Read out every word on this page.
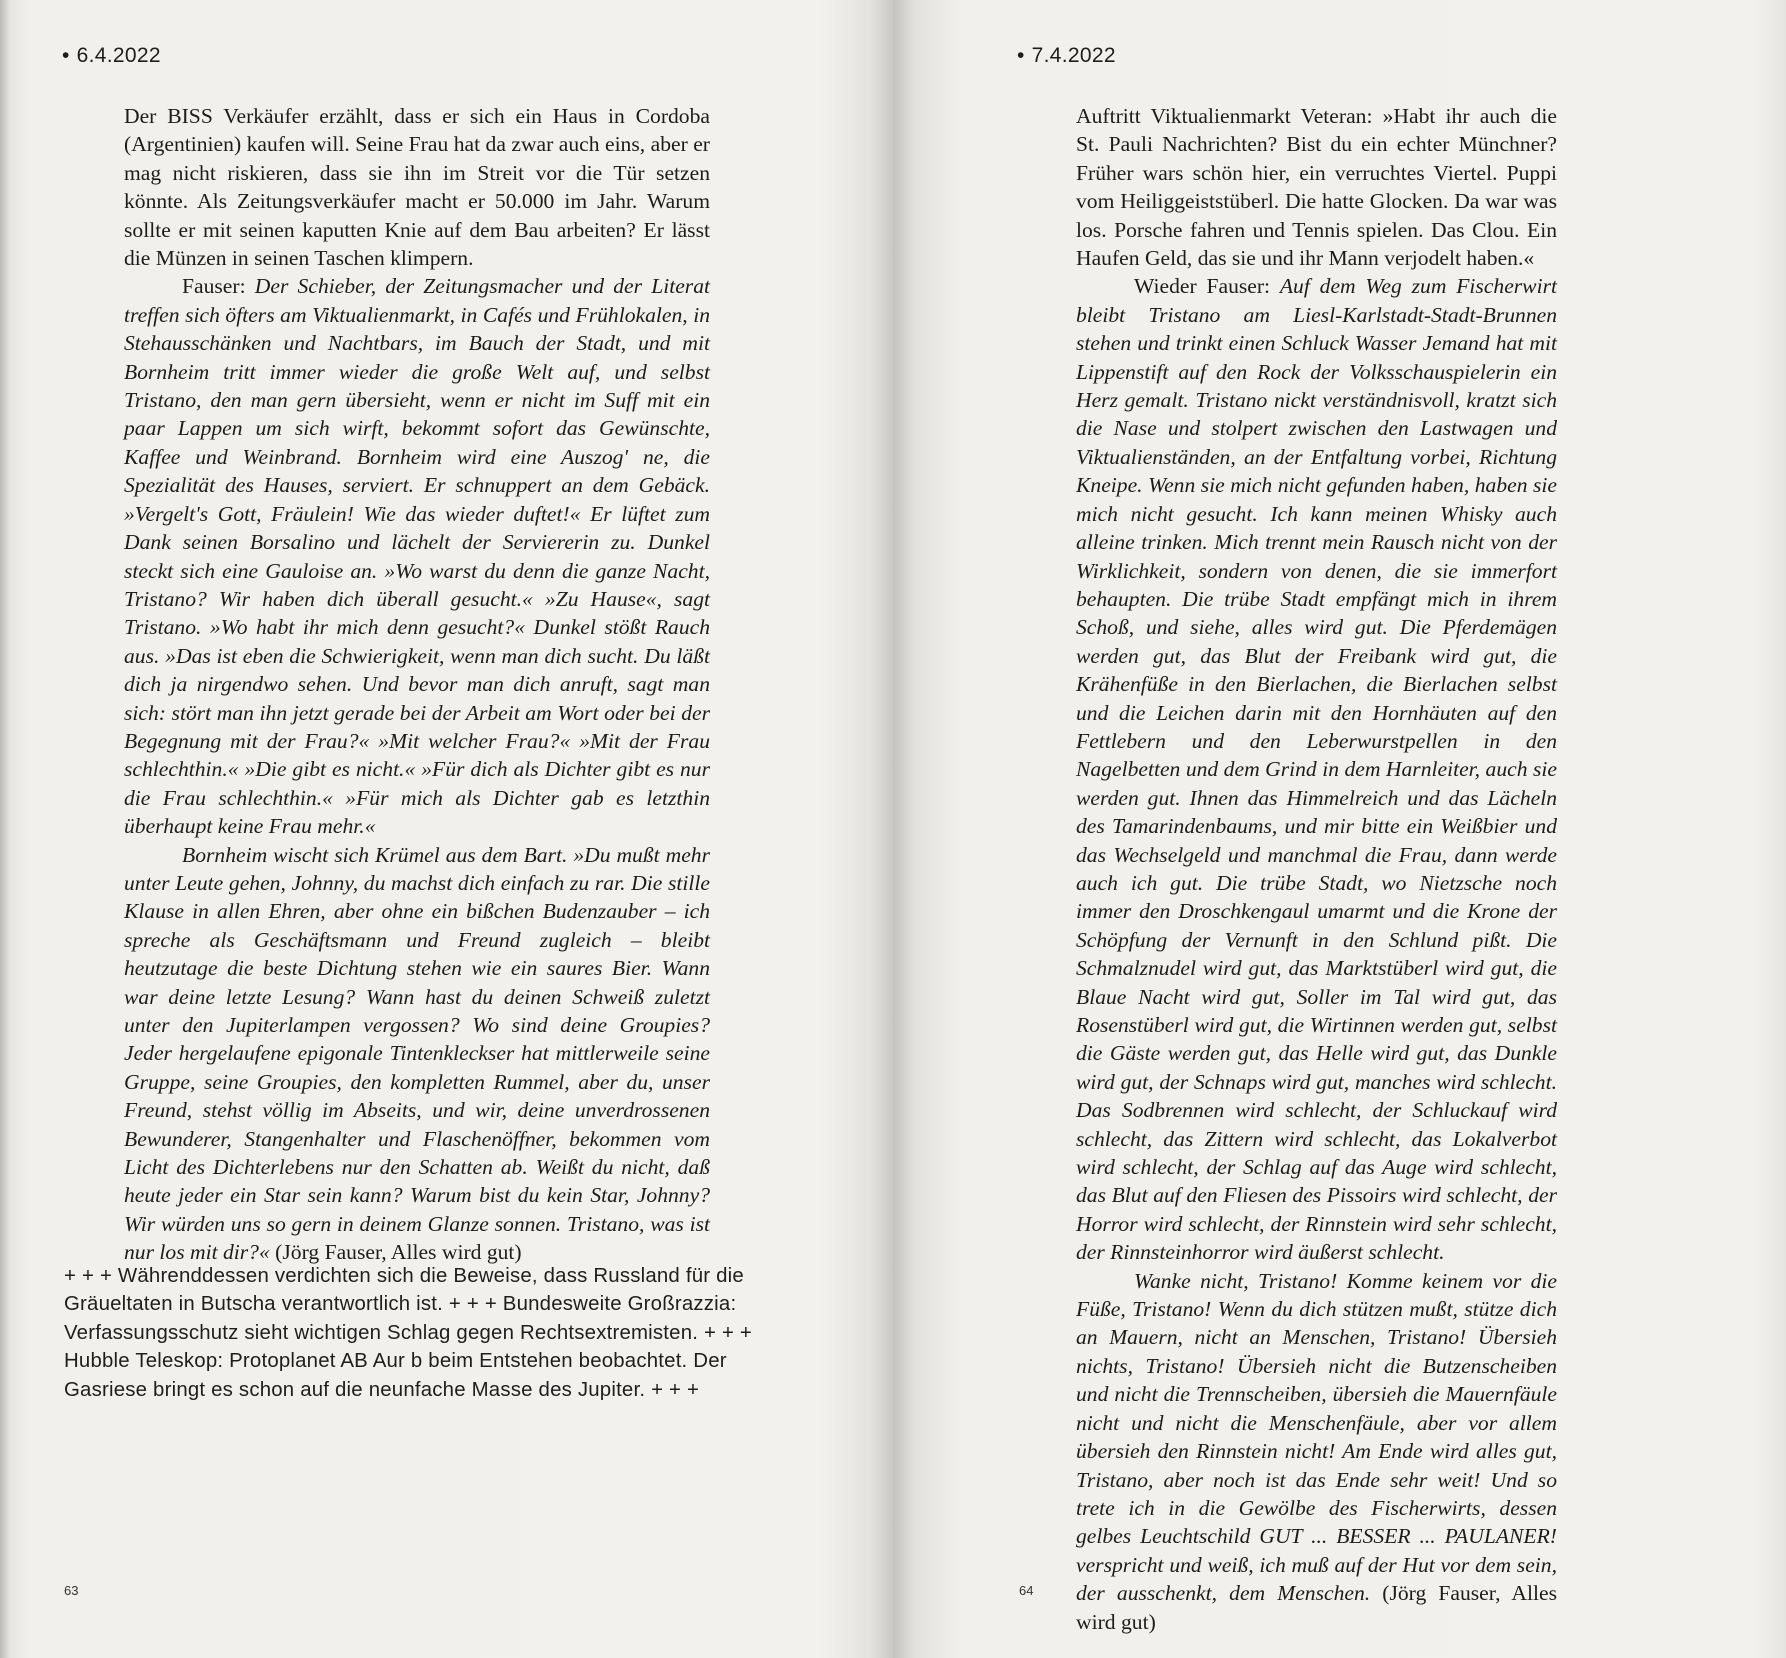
• 6.4.2022

Der BISS Verkäufer erzählt, dass er sich ein Haus in Cordoba (Argentinien) kaufen will. Seine Frau hat da zwar auch eins, aber er mag nicht riskieren, dass sie ihn im Streit vor die Tür setzen könnte. Als Zeitungsverkäufer macht er 50.000 im Jahr. Warum sollte er mit seinen kaputten Knie auf dem Bau arbeiten? Er lässt die Münzen in seinen Taschen klimpern.

Fauser: Der Schieber, der Zeitungsmacher und der Literat treffen sich öfters am Viktualienmarkt, in Cafés und Frühlokalen, in Stehausschänken und Nachtbars, im Bauch der Stadt, und mit Bornheim tritt immer wieder die große Welt auf, und selbst Tristano, den man gern übersieht, wenn er nicht im Suff mit ein paar Lappen um sich wirft, bekommt sofort das Gewünschte, Kaffee und Weinbrand. Bornheim wird eine Auszog' ne, die Spezialität des Hauses, serviert. Er schnuppert an dem Gebäck. »Vergelt's Gott, Fräulein! Wie das wieder duftet!« Er lüftet zum Dank seinen Borsalino und lächelt der Serviererin zu. Dunkel steckt sich eine Gauloise an. »Wo warst du denn die ganze Nacht, Tristano? Wir haben dich überall gesucht.« »Zu Hause«, sagt Tristano. »Wo habt ihr mich denn gesucht?« Dunkel stößt Rauch aus. »Das ist eben die Schwierigkeit, wenn man dich sucht. Du läßt dich ja nirgendwo sehen. Und bevor man dich anruft, sagt man sich: stört man ihn jetzt gerade bei der Arbeit am Wort oder bei der Begegnung mit der Frau?« »Mit welcher Frau?« »Mit der Frau schlechthin.« »Die gibt es nicht.« »Für dich als Dichter gibt es nur die Frau schlechthin.« »Für mich als Dichter gab es letzthin überhaupt keine Frau mehr.«

Bornheim wischt sich Krümel aus dem Bart. »Du mußt mehr unter Leute gehen, Johnny, du machst dich einfach zu rar. Die stille Klause in allen Ehren, aber ohne ein bißchen Budenzauber – ich spreche als Geschäftsmann und Freund zugleich – bleibt heutzutage die beste Dichtung stehen wie ein saures Bier. Wann war deine letzte Lesung? Wann hast du deinen Schweiß zuletzt unter den Jupiterlampen vergossen? Wo sind deine Groupies? Jeder hergelaufene epigonale Tintenkleckser hat mittlerweile seine Gruppe, seine Groupies, den kompletten Rummel, aber du, unser Freund, stehst völlig im Abseits, und wir, deine unverdrossenen Bewunderer, Stangenhalter und Flaschenöffner, bekommen vom Licht des Dichterlebens nur den Schatten ab. Weißt du nicht, daß heute jeder ein Star sein kann? Warum bist du kein Star, Johnny? Wir würden uns so gern in deinem Glanze sonnen. Tristano, was ist nur los mit dir?« (Jörg Fauser, Alles wird gut)

+ + + Währenddessen verdichten sich die Beweise, dass Russland für die Gräueltaten in Butscha verantwortlich ist. + + + Bundesweite Großrazzia: Verfassungsschutz sieht wichtigen Schlag gegen Rechtsextremisten. + + + Hubble Teleskop: Protoplanet AB Aur b beim Entstehen beobachtet. Der Gasriese bringt es schon auf die neunfache Masse des Jupiter. + + +
63
• 7.4.2022

Auftritt Viktualienmarkt Veteran: »Habt ihr auch die St. Pauli Nachrichten? Bist du ein echter Münchner? Früher wars schön hier, ein verruchtes Viertel. Puppi vom Heiliggeiststüberl. Die hatte Glocken. Da war was los. Porsche fahren und Tennis spielen. Das Clou. Ein Haufen Geld, das sie und ihr Mann verjodelt haben.«

Wieder Fauser: Auf dem Weg zum Fischerwirt bleibt Tristano am Liesl-Karlstadt-Stadt-Brunnen stehen und trinkt einen Schluck Wasser Jemand hat mit Lippenstift auf den Rock der Volksschauspielerin ein Herz gemalt. Tristano nickt verständnisvoll, kratzt sich die Nase und stolpert zwischen den Lastwagen und Viktualienständen, an der Entfaltung vorbei, Richtung Kneipe. Wenn sie mich nicht gefunden haben, haben sie mich nicht gesucht. Ich kann meinen Whisky auch alleine trinken. Mich trennt mein Rausch nicht von der Wirklichkeit, sondern von denen, die sie immerfort behaupten. Die trübe Stadt empfängt mich in ihrem Schoß, und siehe, alles wird gut. Die Pferdemägen werden gut, das Blut der Freibank wird gut, die Krähenfüße in den Bierlachen, die Bierlachen selbst und die Leichen darin mit den Hornhäuten auf den Fettlebern und den Leberwurstpellen in den Nagelbetten und dem Grind in dem Harnleiter, auch sie werden gut. Ihnen das Himmelreich und das Lächeln des Tamarindenbaums, und mir bitte ein Weißbier und das Wechselgeld und manchmal die Frau, dann werde auch ich gut. Die trübe Stadt, wo Nietzsche noch immer den Droschkengaul umarmt und die Krone der Schöpfung der Vernunft in den Schlund pißt. Die Schmalznudel wird gut, das Marktstüberl wird gut, die Blaue Nacht wird gut, Soller im Tal wird gut, das Rosenstüberl wird gut, die Wirtinnen werden gut, selbst die Gäste werden gut, das Helle wird gut, das Dunkle wird gut, der Schnaps wird gut, manches wird schlecht. Das Sodbrennen wird schlecht, der Schluckauf wird schlecht, das Zittern wird schlecht, das Lokalverbot wird schlecht, der Schlag auf das Auge wird schlecht, das Blut auf den Fliesen des Pissoirs wird schlecht, der Horror wird schlecht, der Rinnstein wird sehr schlecht, der Rinnsteinhorror wird äußerst schlecht.

Wanke nicht, Tristano! Komme keinem vor die Füße, Tristano! Wenn du dich stützen mußt, stütze dich an Mauern, nicht an Menschen, Tristano! Übersieh nichts, Tristano! Übersieh nicht die Butzenscheiben und nicht die Trennscheiben, übersieh die Mauernfäule nicht und nicht die Menschenfäule, aber vor allem übersieh den Rinnstein nicht! Am Ende wird alles gut, Tristano, aber noch ist das Ende sehr weit! Und so trete ich in die Gewölbe des Fischerwirts, dessen gelbes Leuchtschild GUT ... BESSER ... PAULANER! verspricht und weiß, ich muß auf der Hut vor dem sein, der ausschenkt, dem Menschen. (Jörg Fauser, Alles wird gut)

64
